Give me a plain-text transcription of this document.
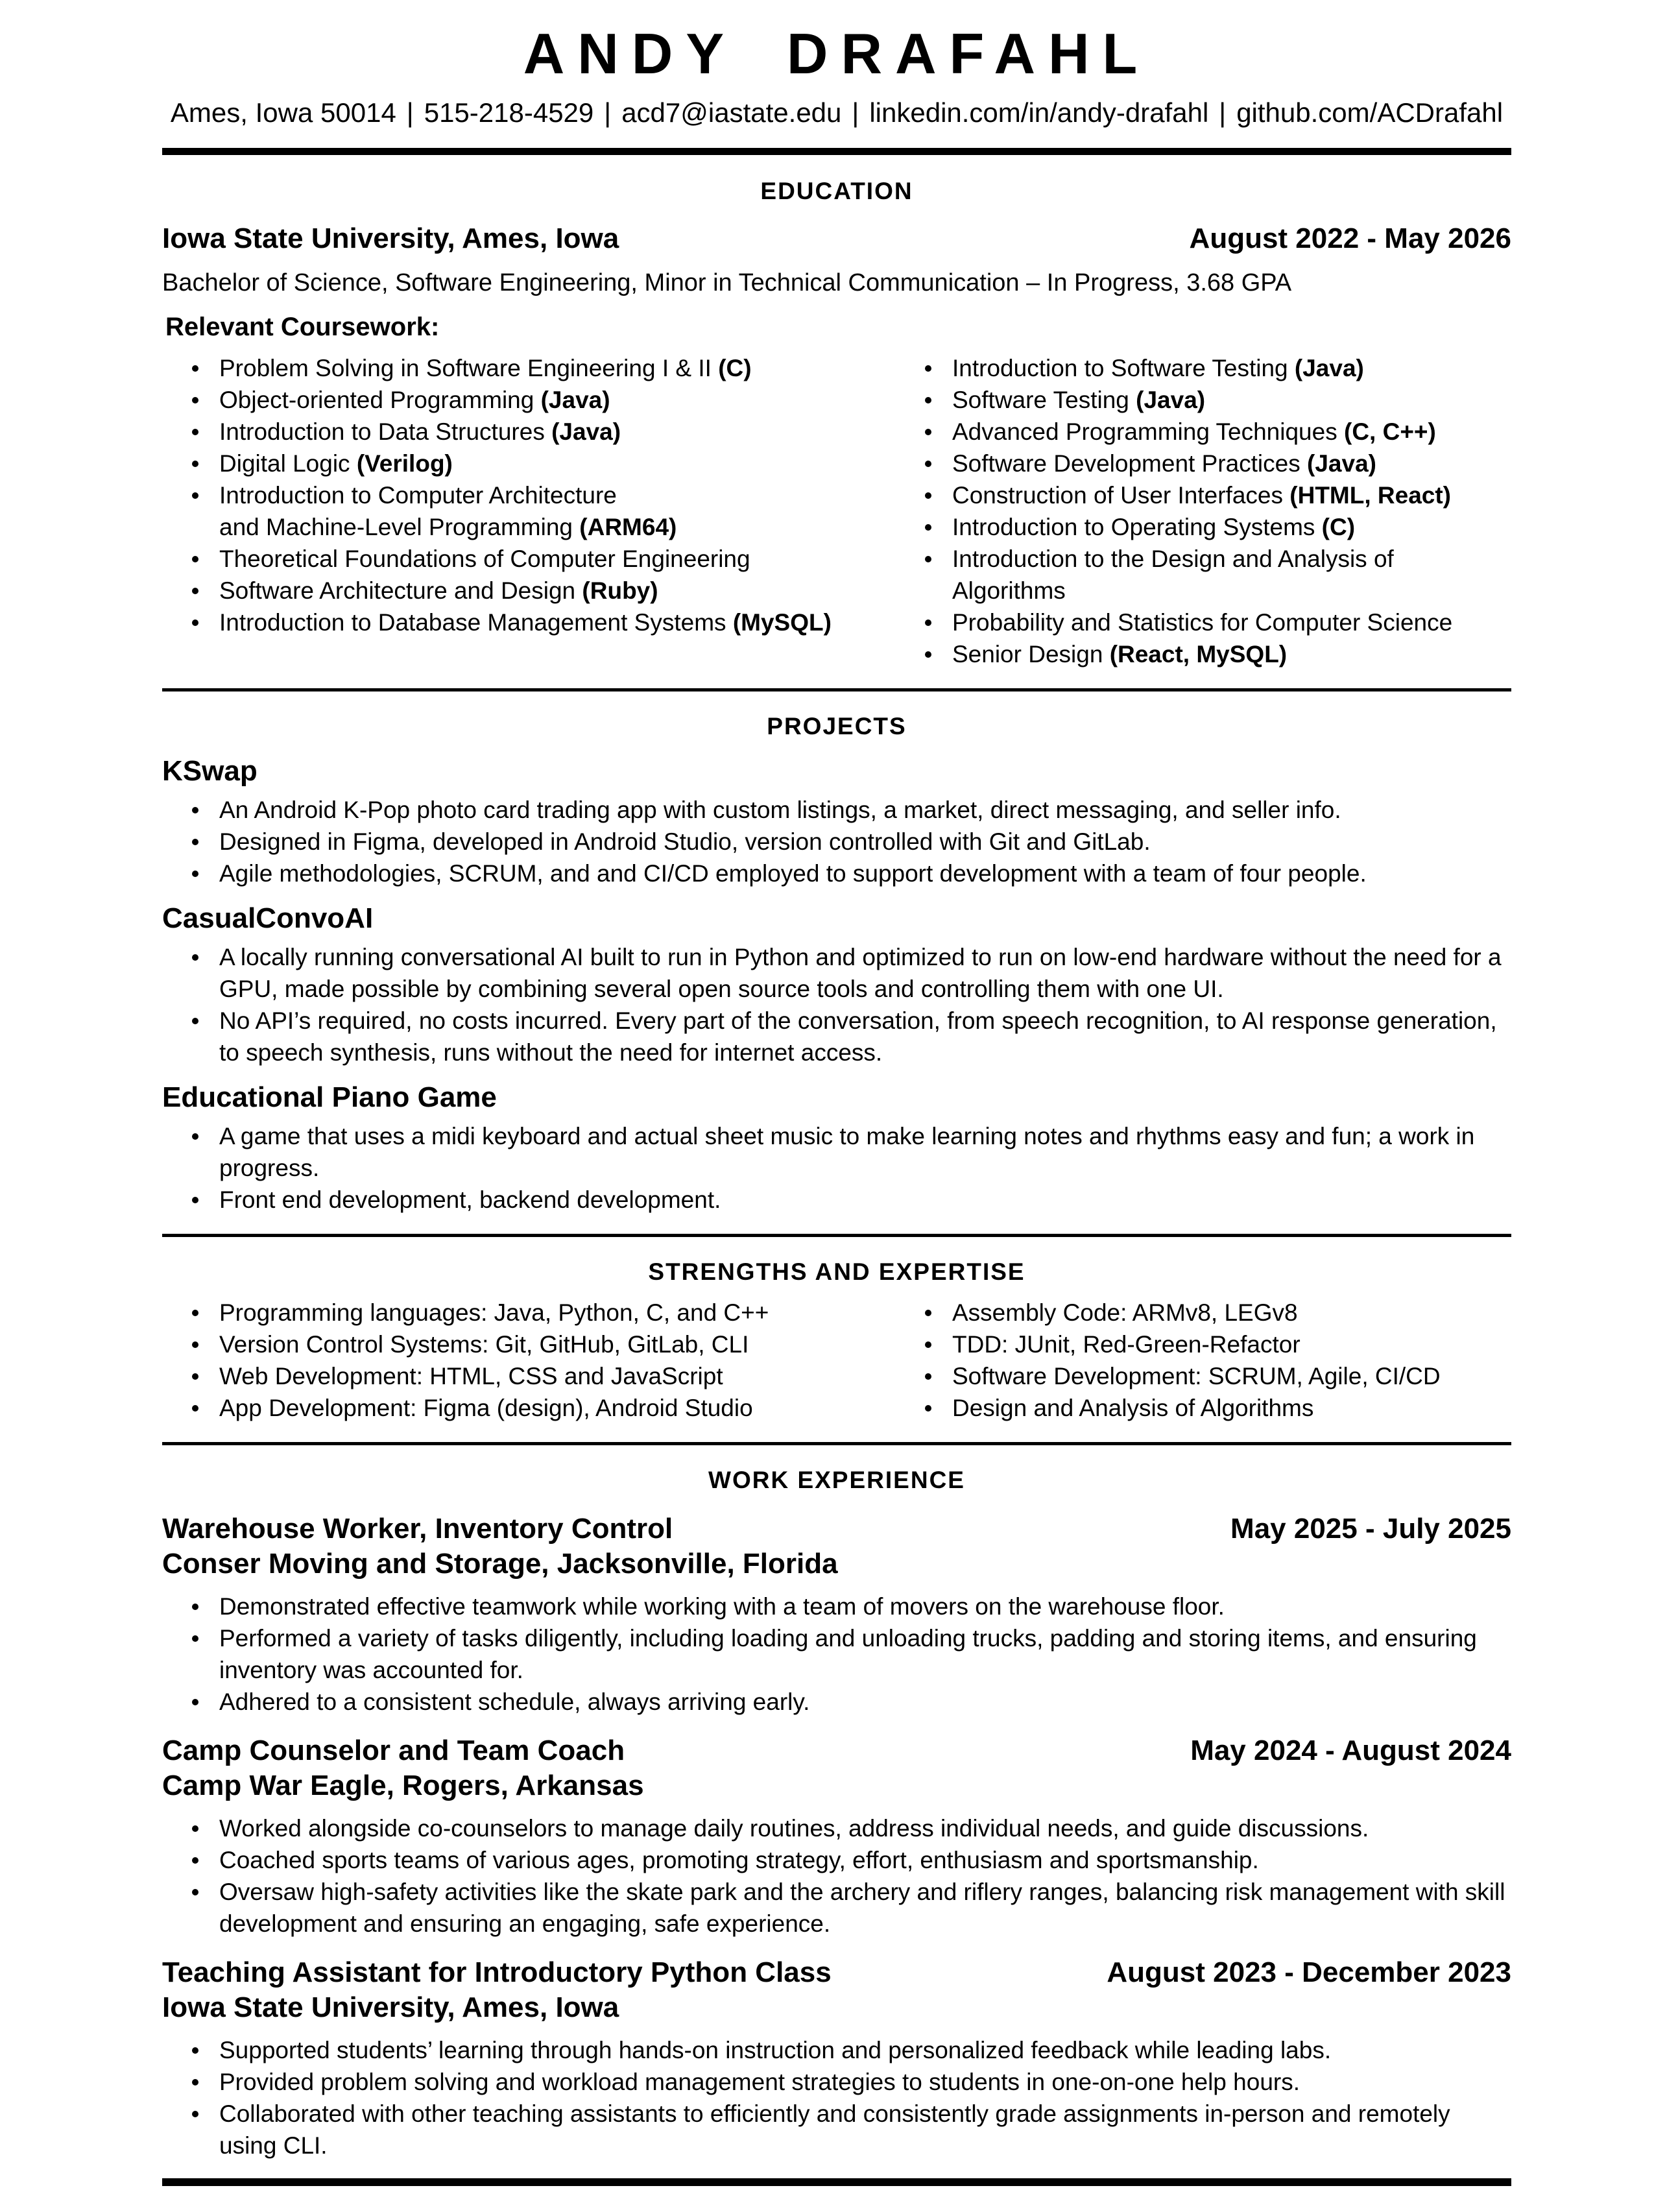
ANDY DRAFAHL
Ames, Iowa 50014 | 515-218-4529 | acd7@iastate.edu | linkedin.com/in/andy-drafahl | github.com/ACDrafahl
EDUCATION
Iowa State University, Ames, Iowa	August 2022 - May 2026

Bachelor of Science, Software Engineering, Minor in Technical Communication – In Progress, 3.68 GPA

Relevant Coursework:
Problem Solving in Software Engineering I & II (C)
Object-oriented Programming (Java)
Introduction to Data Structures (Java)
Digital Logic (Verilog)
Introduction to Computer Architecture
and Machine-Level Programming (ARM64)
Theoretical Foundations of Computer Engineering
Software Architecture and Design (Ruby)
Introduction to Database Management Systems (MySQL)
Introduction to Software Testing (Java)
Software Testing (Java)
Advanced Programming Techniques (C, C++)
Software Development Practices (Java)
Construction of User Interfaces (HTML, React)
Introduction to Operating Systems (C)
Introduction to the Design and Analysis of Algorithms
Probability and Statistics for Computer Science
Senior Design (React, MySQL)
PROJECTS
KSwap
An Android K-Pop photo card trading app with custom listings, a market, direct messaging, and seller info.
Designed in Figma, developed in Android Studio, version controlled with Git and GitLab.
Agile methodologies, SCRUM, and and CI/CD employed to support development with a team of four people.
CasualConvoAI
A locally running conversational AI built to run in Python and optimized to run on low-end hardware without the need for a GPU, made possible by combining several open source tools and controlling them with one UI.
No API’s required, no costs incurred. Every part of the conversation, from speech recognition, to AI response generation, to speech synthesis, runs without the need for internet access.
Educational Piano Game
A game that uses a midi keyboard and actual sheet music to make learning notes and rhythms easy and fun; a work in progress.
Front end development, backend development.
STRENGTHS AND EXPERTISE
Programming languages: Java, Python, C, and C++
Version Control Systems: Git, GitHub, GitLab, CLI
Web Development: HTML, CSS and JavaScript
App Development: Figma (design), Android Studio
Assembly Code: ARMv8, LEGv8
TDD: JUnit, Red-Green-Refactor
Software Development: SCRUM, Agile, CI/CD
Design and Analysis of Algorithms
WORK EXPERIENCE
Warehouse Worker, Inventory Control	May 2025 - July 2025
Conser Moving and Storage, Jacksonville, Florida
Demonstrated effective teamwork while working with a team of movers on the warehouse floor.
Performed a variety of tasks diligently, including loading and unloading trucks, padding and storing items, and ensuring inventory was accounted for.
Adhered to a consistent schedule, always arriving early.
Camp Counselor and Team Coach	May 2024 - August 2024
Camp War Eagle, Rogers, Arkansas
Worked alongside co-counselors to manage daily routines, address individual needs, and guide discussions.
Coached sports teams of various ages, promoting strategy, effort, enthusiasm and sportsmanship.
Oversaw high-safety activities like the skate park and the archery and riflery ranges, balancing risk management with skill development and ensuring an engaging, safe experience.
Teaching Assistant for Introductory Python Class	August 2023 - December 2023
Iowa State University, Ames, Iowa
Supported students’ learning through hands-on instruction and personalized feedback while leading labs.
Provided problem solving and workload management strategies to students in one-on-one help hours.
Collaborated with other teaching assistants to efficiently and consistently grade assignments in-person and remotely using CLI.
